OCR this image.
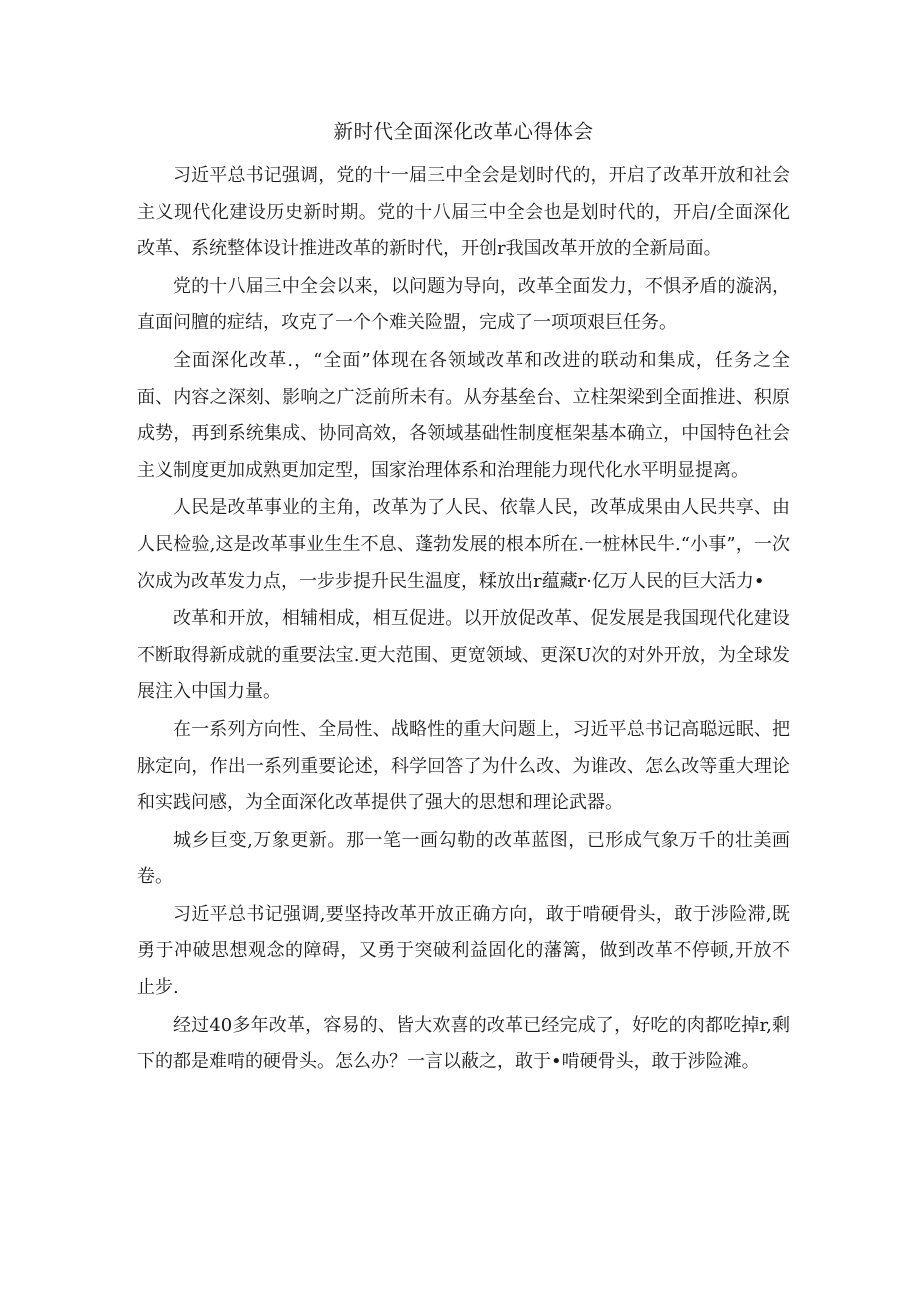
新时代全面深化改革心得体会

习近平总书记强调，党的十一届三中全会是划时代的，开启了改革开放和社会主义现代化建设历史新时期。党的十八届三中全会也是划时代的，开启/全面深化改革、系统整体设计推进改革的新时代，开创r我国改革开放的全新局面。

党的十八届三中全会以来，以问题为导向，改革全面发力，不惧矛盾的漩涡，直面问膻的症结，攻克了一个个难关险盟，完成了一项项艰巨任务。

全面深化改革.，“全面”体现在各领域改革和改进的联动和集成，任务之全面、内容之深刻、影响之广泛前所未有。从夯基垒台、立柱架梁到全面推进、积原成势，再到系统集成、协同高效，各领域基础性制度框架基本确立，中国特色社会主义制度更加成熟更加定型，国家治理体系和治理能力现代化水平明显提离。

人民是改革事业的主角，改革为了人民、依靠人民，改革成果由人民共享、由人民检验,这是改革事业生生不息、蓬勃发展的根本所在.一桩林民牛.“小事”，一次次成为改革发力点，一步步提升民生温度，糅放出r蕴藏r·亿万人民的巨大活力•

改革和开放，相辅相成，相互促进。以开放促改革、促发展是我国现代化建设不断取得新成就的重要法宝.更大范围、更宽领域、更深U次的对外开放，为全球发展注入中国力量。

在一系列方向性、全局性、战略性的重大问题上，习近平总书记高聪远眠、把脉定向，作出一系列重要论述，科学回答了为什么改、为谁改、怎么改等重大理论和实践问感，为全面深化改革提供了强大的思想和理论武器。

城乡巨变,万象更新。那一笔一画勾勒的改革蓝图，已形成气象万千的壮美画卷。

习近平总书记强调,要坚持改革开放正确方向，敢于啃硬骨头，敢于涉险滞,既勇于冲破思想观念的障碍，又勇于突破利益固化的藩篱，做到改革不停顿,开放不止步.

经过40多年改革，容易的、皆大欢喜的改革已经完成了，好吃的肉都吃掉r,剩下的都是难啃的硬骨头。怎么办？一言以蔽之，敢于•啃硬骨头，敢于涉险滩。
